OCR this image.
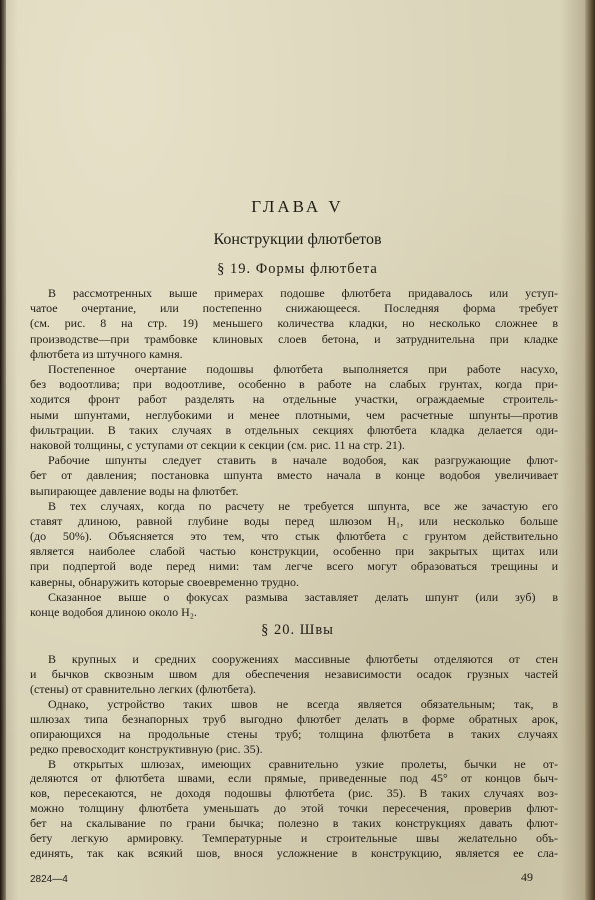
ГЛАВА V
Конструкции флютбетов
§ 19. Формы флютбета
В рассмотренных выше примерах подошве флютбета придавалось или уступ-
чатое очертание, или постепенно снижающееся. Последняя форма требует
(см. рис. 8 на стр. 19) меньшего количества кладки, но несколько сложнее в
производстве—при трамбовке клиновых слоев бетона, и затруднительна при кладке
флютбета из штучного камня.
Постепенное очертание подошвы флютбета выполняется при работе насухо,
без водоотлива; при водоотливе, особенно в работе на слабых грунтах, когда при-
ходится фронт работ разделять на отдельные участки, ограждаемые строитель-
ными шпунтами, неглубокими и менее плотными, чем расчетные шпунты—против
фильтрации. В таких случаях в отдельных секциях флютбета кладка делается оди-
наковой толщины, с уступами от секции к секции (см. рис. 11 на стр. 21).
Рабочие шпунты следует ставить в начале водобоя, как разгружающие флют-
бет от давления; постановка шпунта вместо начала в конце водобоя увеличивает
выпирающее давление воды на флютбет.
В тех случаях, когда по расчету не требуется шпунта, все же зачастую его
ставят длиною, равной глубине воды перед шлюзом H₁, или несколько больше
(до 50%). Объясняется это тем, что стык флютбета с грунтом действительно
является наиболее слабой частью конструкции, особенно при закрытых щитах или
при подпертой воде перед ними: там легче всего могут образоваться трещины и
каверны, обнаружить которые своевременно трудно.
Сказанное выше о фокусах размыва заставляет делать шпунт (или зуб) в
конце водобоя длиною около H₂.
§ 20. Швы
В крупных и средних сооружениях массивные флютбеты отделяются от стен
и бычков сквозным швом для обеспечения независимости осадок грузных частей
(стены) от сравнительно легких (флютбета).
Однако, устройство таких швов не всегда является обязательным; так, в
шлюзах типа безнапорных труб выгодно флютбет делать в форме обратных арок,
опирающихся на продольные стены труб; толщина флютбета в таких случаях
редко превосходит конструктивную (рис. 35).
В открытых шлюзах, имеющих сравнительно узкие пролеты, бычки не от-
деляются от флютбета швами, если прямые, приведенные под 45° от концов быч-
ков, пересекаются, не доходя подошвы флютбета (рис. 35). В таких случаях воз-
можно толщину флютбета уменьшать до этой точки пересечения, проверив флют-
бет на скалывание по грани бычка; полезно в таких конструкциях давать флют-
бету легкую армировку. Температурные и строительные швы желательно объ-
единять, так как всякий шов, внося усложнение в конструкцию, является ее сла-
2824—4	49
